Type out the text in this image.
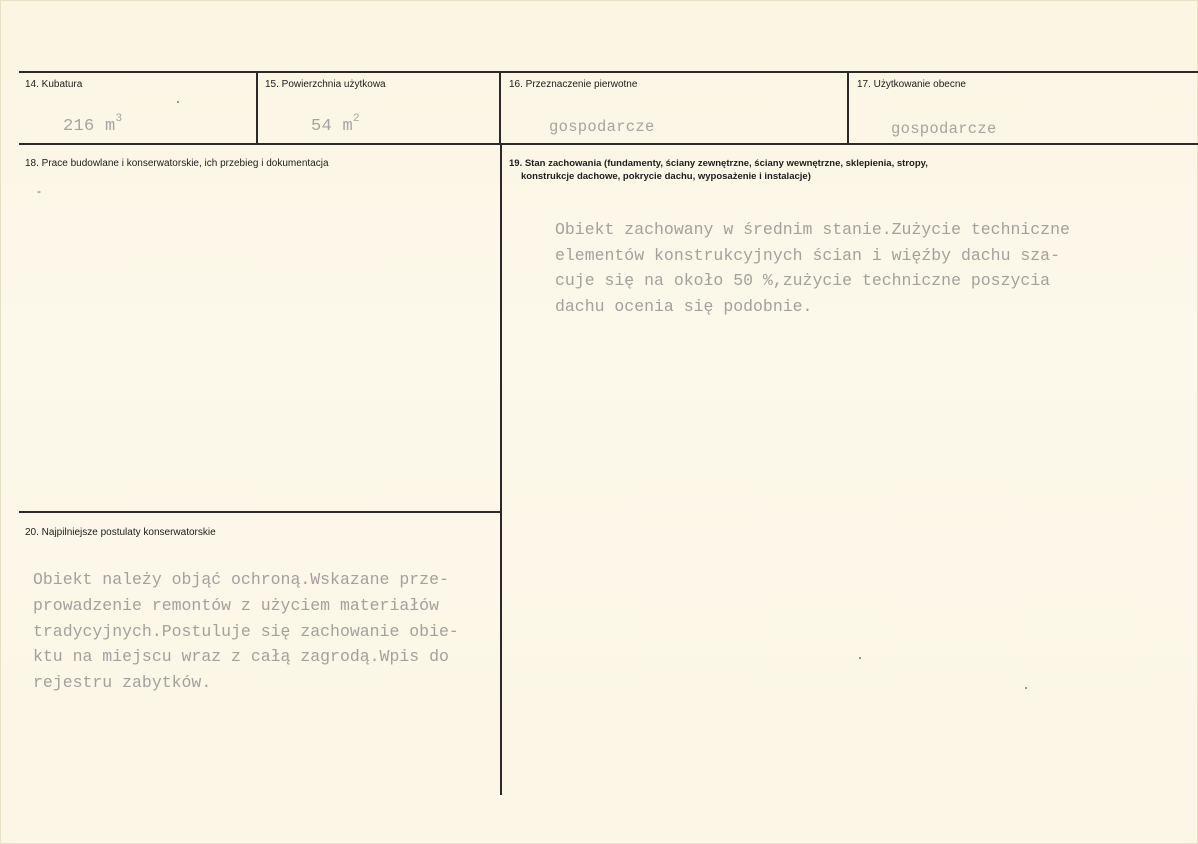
14. Kubatura
216 $m^3$
15. Powierzchnia użytkowa
54 $m^2$
16. Przeznaczenie pierwotne
gospodarcze
17. Użytkowanie obecne
gospodarcze
18. Prace budowlane i konserwatorskie, ich przebieg i dokumentacja
-
19. Stan zachowania (fundamenty, ściany zewnętrzne, ściany wewnętrzne, sklepienia, stropy,
konstrukcje dachowe, pokrycie dachu, wyposażenie i instalacje)
Obiekt zachowany w średnim stanie.Zużycie techniczne
elementów konstrukcyjnych ścian i więźby dachu sza-
cuje się na około 50 %,zużycie techniczne poszycia
dachu ocenia się podobnie.
20. Najpilniejsze postulaty konserwatorskie
Obiekt należy objąć ochroną.Wskazane prze-
prowadzenie remontów z użyciem materiałów
tradycyjnych.Postuluje się zachowanie obie-
ktu na miejscu wraz z całą zagrodą.Wpis do
rejestru zabytków.
